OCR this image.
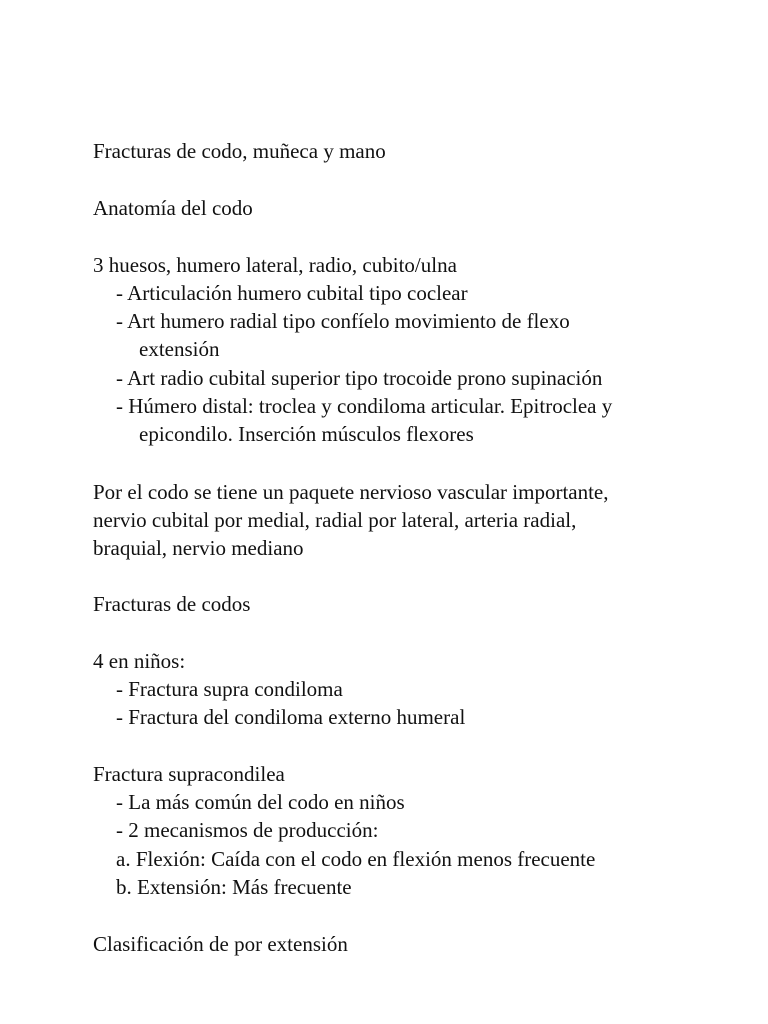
Fracturas de codo, muñeca y mano

Anatomía del codo

3 huesos, humero lateral, radio, cubito/ulna

- Articulación humero cubital tipo coclear

- Art humero radial tipo confíelo movimiento de flexo

extensión

- Art radio cubital superior tipo trocoide prono supinación

- Húmero distal: troclea y condiloma articular. Epitroclea y

epicondilo. Inserción músculos flexores

Por el codo se tiene un paquete nervioso vascular importante,

nervio cubital por medial, radial por lateral, arteria radial,

braquial, nervio mediano

Fracturas de codos

4 en niños:

- Fractura supra condiloma

- Fractura del condiloma externo humeral

Fractura supracondilea

- La más común del codo en niños

- 2 mecanismos de producción:

a. Flexión: Caída con el codo en flexión menos frecuente

b. Extensión: Más frecuente

Clasificación de por extensión
